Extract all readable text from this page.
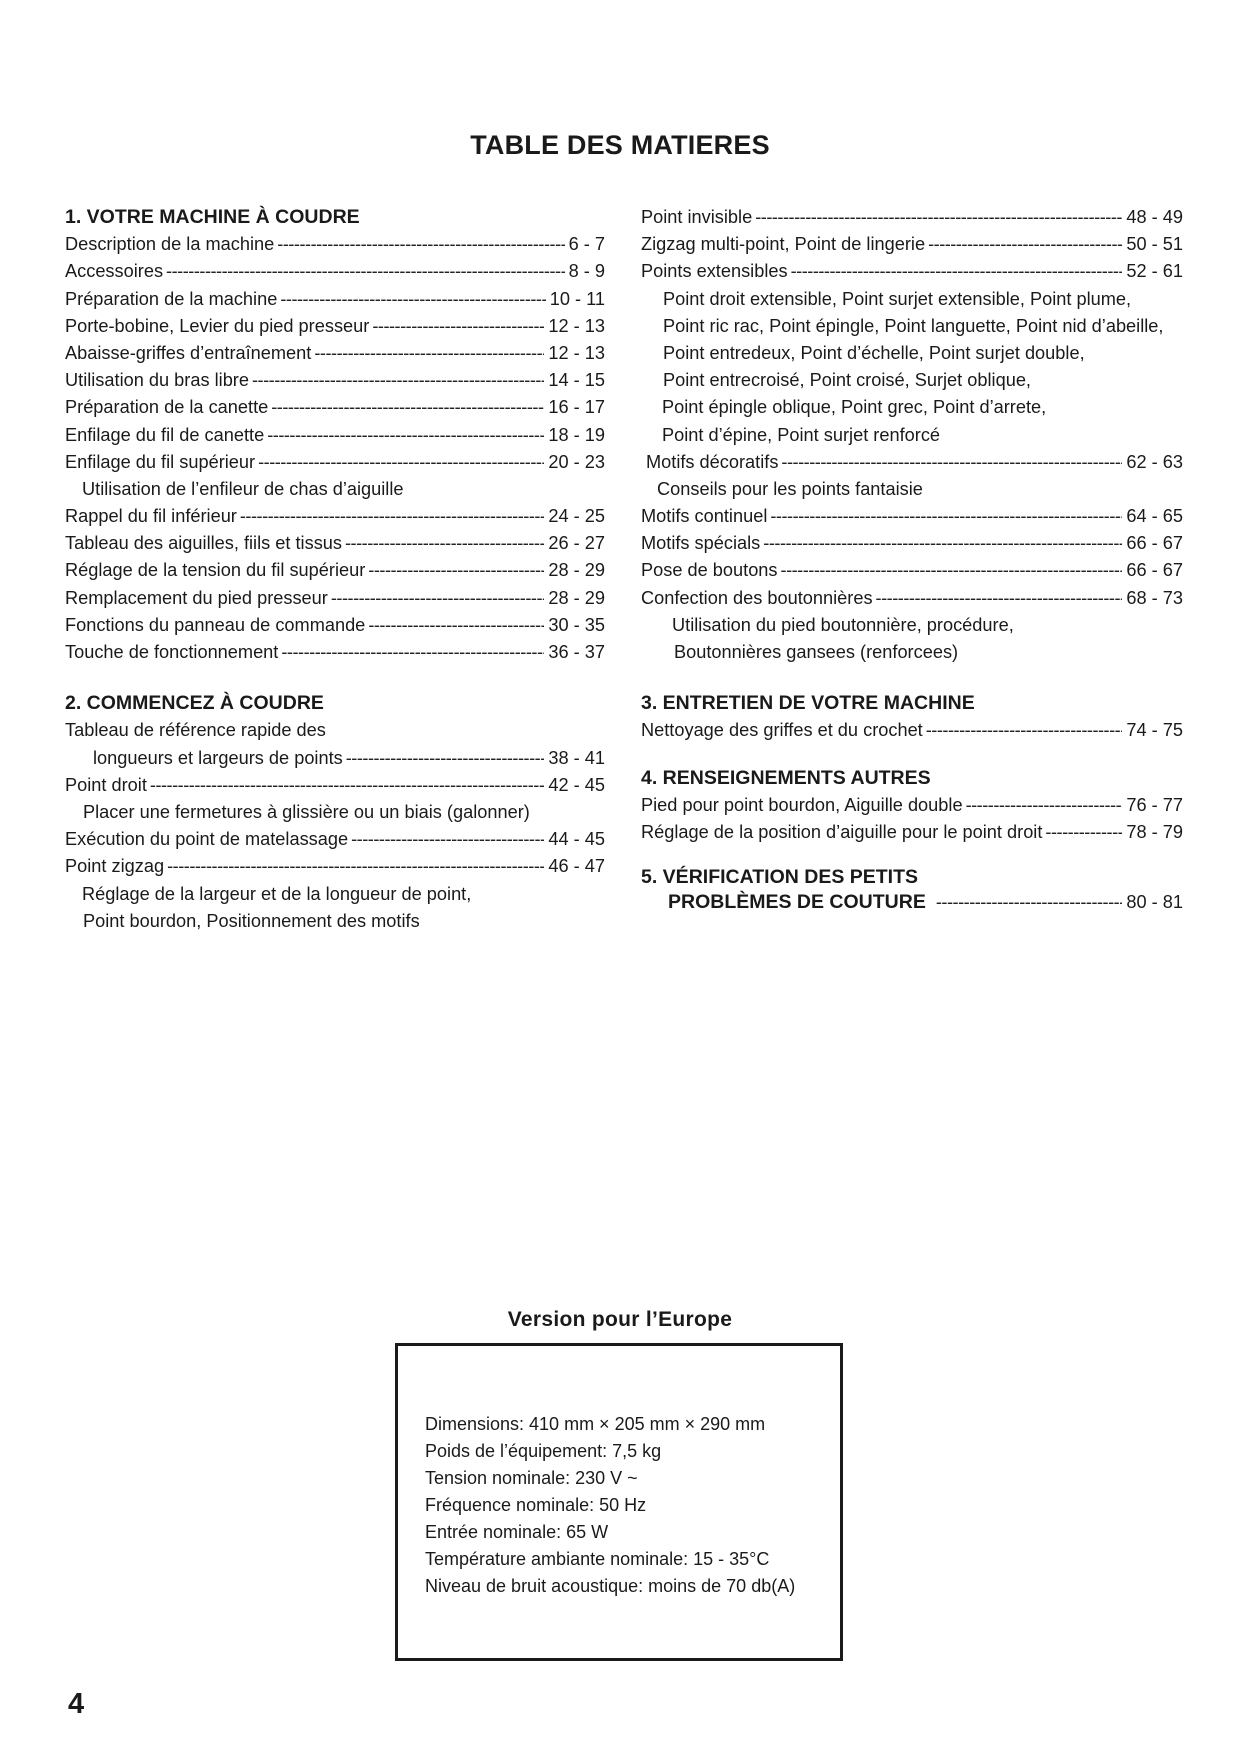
TABLE DES MATIERES
1. VOTRE MACHINE À COUDRE
Description de la machine -----	6 - 7
Accessoires -----	8 - 9
Préparation de la machine -----	10 - 11
Porte-bobine, Levier du pied presseur -----	12 - 13
Abaisse-griffes d’entraînement -----	12 - 13
Utilisation du bras libre -----	14 - 15
Préparation de la canette -----	16 - 17
Enfilage du fil de canette -----	18 - 19
Enfilage du fil supérieur -----	20 - 23
Utilisation de l’enfileur de chas d’aiguille
Rappel du fil inférieur -----	24 - 25
Tableau des aiguilles, fiils et tissus -----	26 - 27
Réglage de la tension du fil supérieur -----	28 - 29
Remplacement du pied presseur -----	28 - 29
Fonctions du panneau de commande -----	30 - 35
Touche de fonctionnement -----	36 - 37
2. COMMENCEZ À COUDRE
Tableau de référence rapide des
longueurs et largeurs de points -----	38 - 41
Point droit -----	42 - 45
Placer une fermetures à glissière ou un biais (galonner)
Exécution du point de matelassage -----	44 - 45
Point zigzag -----	46 - 47
Réglage de la largeur et de la longueur de point,
Point bourdon, Positionnement des motifs
Point invisible -----	48 - 49
Zigzag multi-point, Point de lingerie -----	50 - 51
Points extensibles -----	52 - 61
Point droit extensible, Point surjet extensible, Point plume,
Point ric rac, Point épingle, Point languette, Point nid d’abeille,
Point entredeux, Point d’échelle, Point surjet double,
Point entrecroisé, Point croisé, Surjet oblique,
Point épingle oblique, Point grec, Point d’arrete,
Point d’épine, Point surjet renforcé
Motifs décoratifs -----	62 - 63
Conseils pour les points fantaisie
Motifs continuel -----	64 - 65
Motifs spécials -----	66 - 67
Pose de boutons -----	66 - 67
Confection des boutonnières -----	68 - 73
Utilisation du pied boutonnière, procédure,
Boutonnières gansees (renforcees)
3. ENTRETIEN DE VOTRE MACHINE
Nettoyage des griffes et du crochet -----	74 - 75
4. RENSEIGNEMENTS AUTRES
Pied pour point bourdon, Aiguille double -----	76 - 77
Réglage de la position d’aiguille pour le point droit -----	78 - 79
5. VÉRIFICATION DES PETITS
PROBLÈMES DE COUTURE -----	80 - 81
Version pour l’Europe
Dimensions: 410 mm × 205 mm × 290 mm
Poids de l’équipement: 7,5 kg
Tension nominale: 230 V ~
Fréquence nominale: 50 Hz
Entrée nominale: 65 W
Température ambiante nominale: 15 - 35°C
Niveau de bruit acoustique: moins de 70 db(A)
4
